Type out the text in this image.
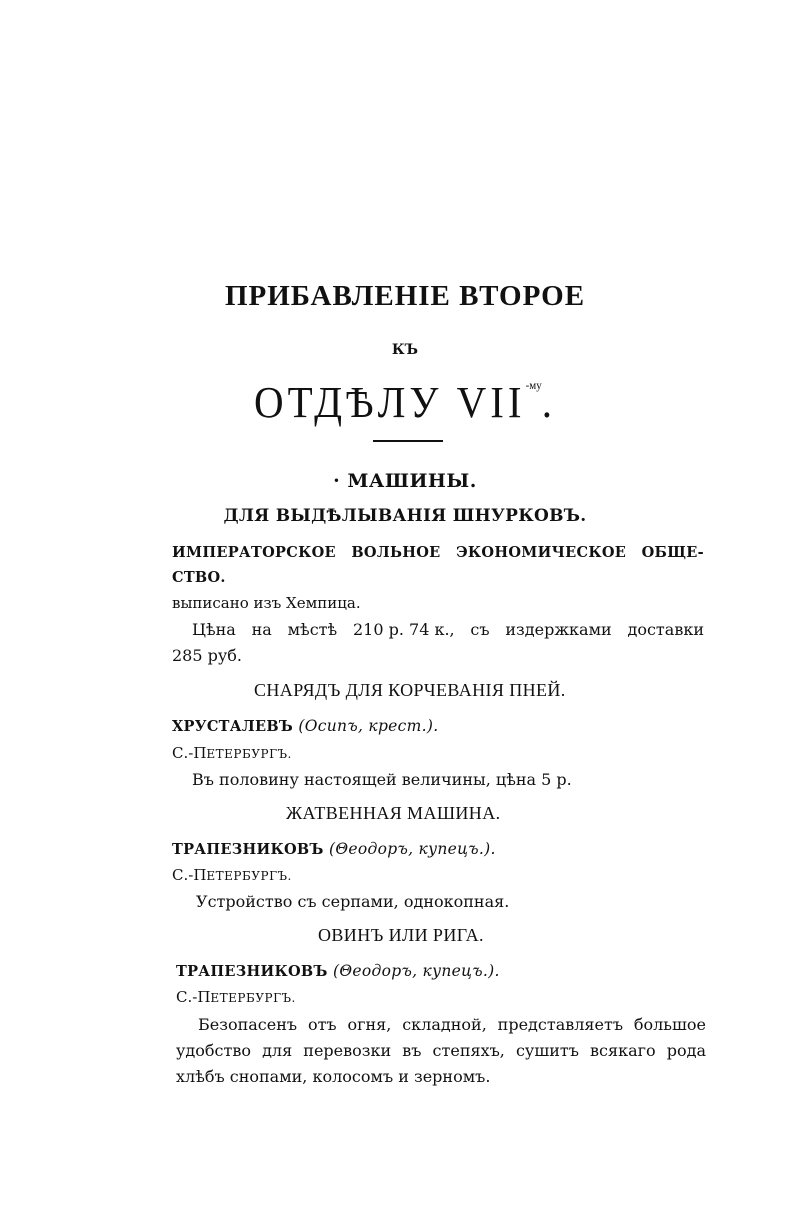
ПРИБАВЛЕНІЕ ВТОРОЕ
КЪ
ОТДѢЛУ $VII^{-му}$.
· МАШИНЫ.
ДЛЯ ВЫДѢЛЫВАНІЯ ШНУРКОВЪ.
ИМПЕРАТОРСКОЕ ВОЛЬНОЕ ЭКОНОМИЧЕСКОЕ ОБЩЕ-
СТВО.
выписано изъ Хемпица.
Цѣна на мѣстѣ 210 р. 74 к., съ издержками доставки
285 руб.
СНАРЯДЪ ДЛЯ КОРЧЕВАНІЯ ПНЕЙ.
ХРУСТАЛЕВЪ (Осипъ, крест.).
С.-ПЕТЕРБУРГЪ.
Въ половину настоящей величины, цѣна 5 р.
ЖАТВЕННАЯ МАШИНА.
ТРАПЕЗНИКОВЪ (Θеодоръ, купецъ.).
С.-ПЕТЕРБУРГЪ.
Устройство съ серпами, однокопная.
ОВИНЪ ИЛИ РИГА.
ТРАПЕЗНИКОВЪ (Θеодоръ, купецъ.).
С.-ПЕТЕРБУРГЪ.
Безопасенъ отъ огня, складной, представляетъ большое
удобство для перевозки въ степяхъ, сушитъ всякаго рода
хлѣбъ снопами, колосомъ и зерномъ.
